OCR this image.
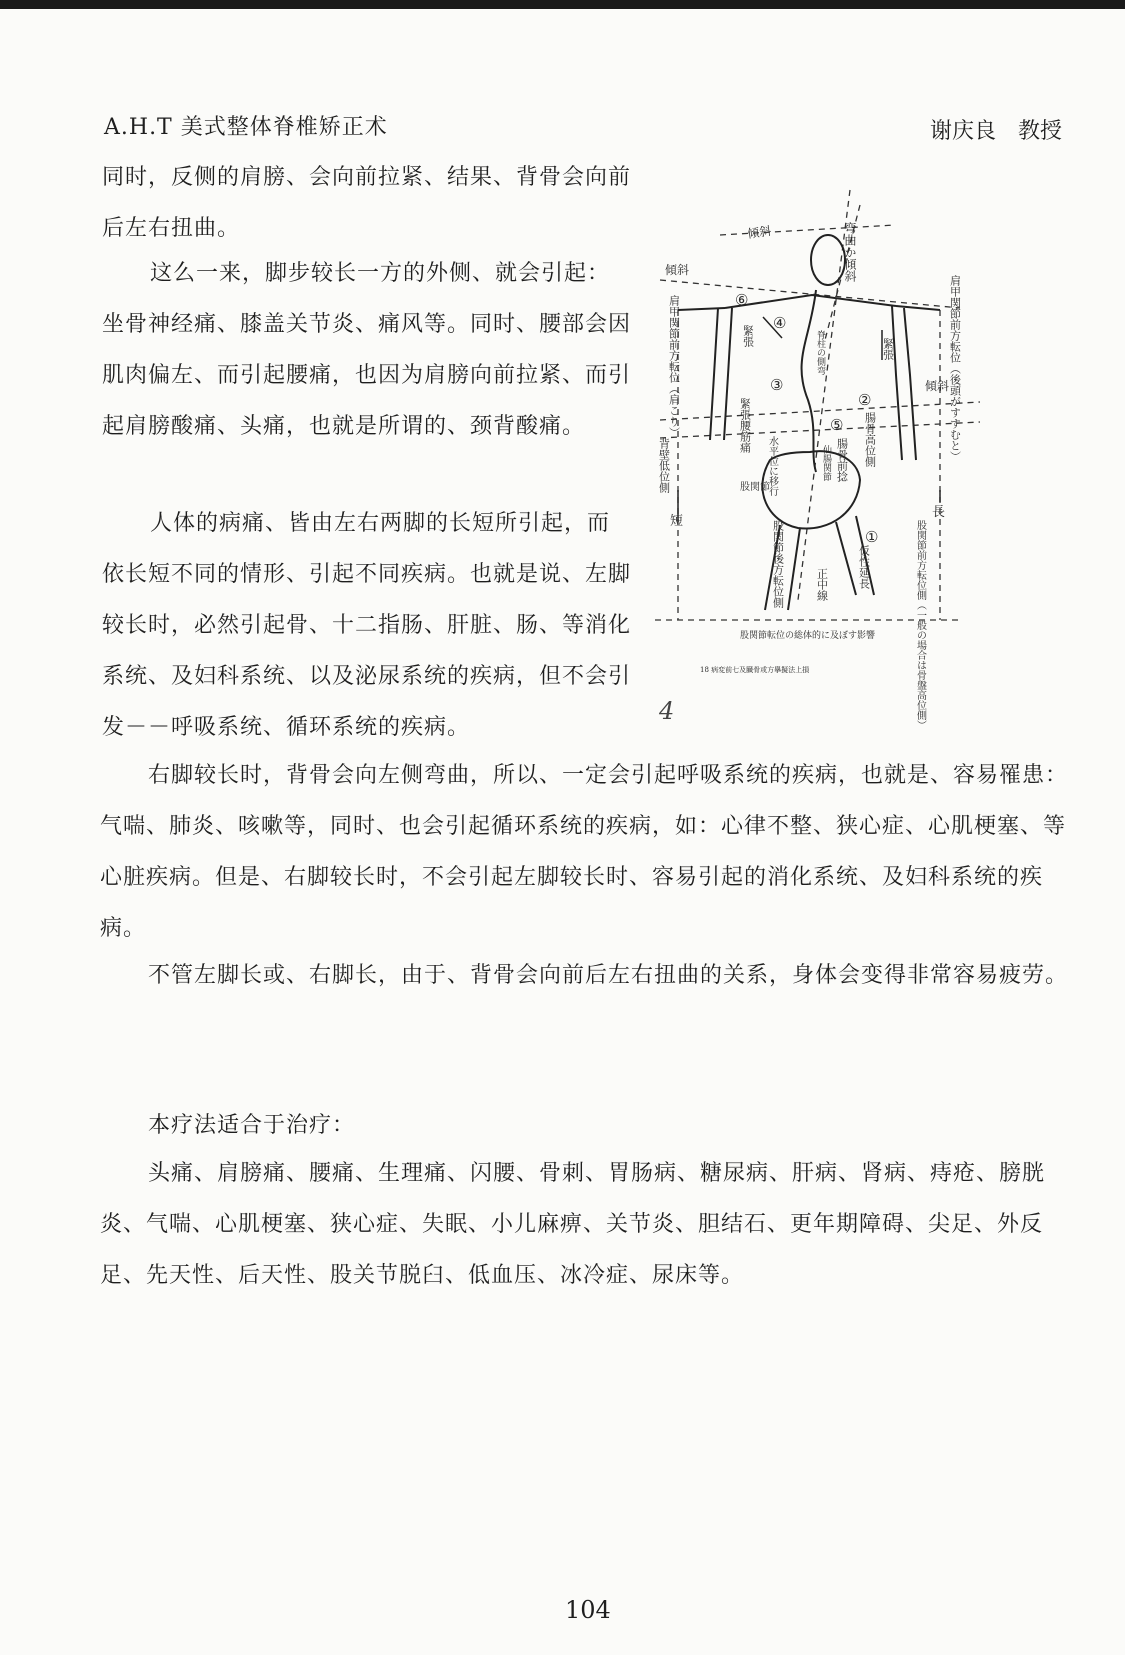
A.H.T 美式整体脊椎矫正术	谢庆良　教授

同时，反侧的肩膀、会向前拉紧、结果、背骨会向前后左右扭曲。

这么一来，脚步较长一方的外侧、就会引起：坐骨神经痛、膝盖关节炎、痛风等。同时、腰部会因肌肉偏左、而引起腰痛，也因为肩膀向前拉紧、而引起肩膀酸痛、头痛，也就是所谓的、颈背酸痛。

人体的病痛、皆由左右两脚的长短所引起，而依长短不同的情形、引起不同疾病。也就是说、左脚较长时，必然引起骨、十二指肠、肝脏、肠、等消化系统、及妇科系统、以及泌尿系统的疾病，但不会引发－－呼吸系统、循环系统的疾病。

右脚较长时，背骨会向左侧弯曲，所以、一定会引起呼吸系统的疾病，也就是、容易罹患：气喘、肺炎、咳嗽等，同时、也会引起循环系统的疾病，如：心律不整、狭心症、心肌梗塞、等心脏疾病。但是、右脚较长时，不会引起左脚较长时、容易引起的消化系统、及妇科系统的疾病。

不管左脚长或、右脚长，由于、背骨会向前后左右扭曲的关系，身体会变得非常容易疲劳。

本疗法适合于治疗：

头痛、肩膀痛、腰痛、生理痛、闪腰、骨刺、胃肠病、糖尿病、肝病、肾病、痔疮、膀胱炎、气喘、心肌梗塞、狭心症、失眠、小儿麻痹、关节炎、胆结石、更年期障碍、尖足、外反足、先天性、后天性、股关节脱臼、低血压、冰冷症、尿床等。

傾斜	弯曲か傾斜
傾斜
傾斜
肩甲関節前方転位（肩こり）	肩甲関節前方転位（後頭がすすむと）
緊張
緊張
脊柱の側弯
緊張腰筋痛	腸骨高位側
腸骨前捻
仙腸関節
背壁低位側	水平位に移行
股関節後方転位側
股関節
股関節前方転位側（一般の場合は骨盤高位側）
仮性延長
正中線
短
長
①
②
③
④
⑤
⑥
股関節転位の総体的に及ぼす影響
18 病変前七及臓骨或方擧擬法上損
4
104
